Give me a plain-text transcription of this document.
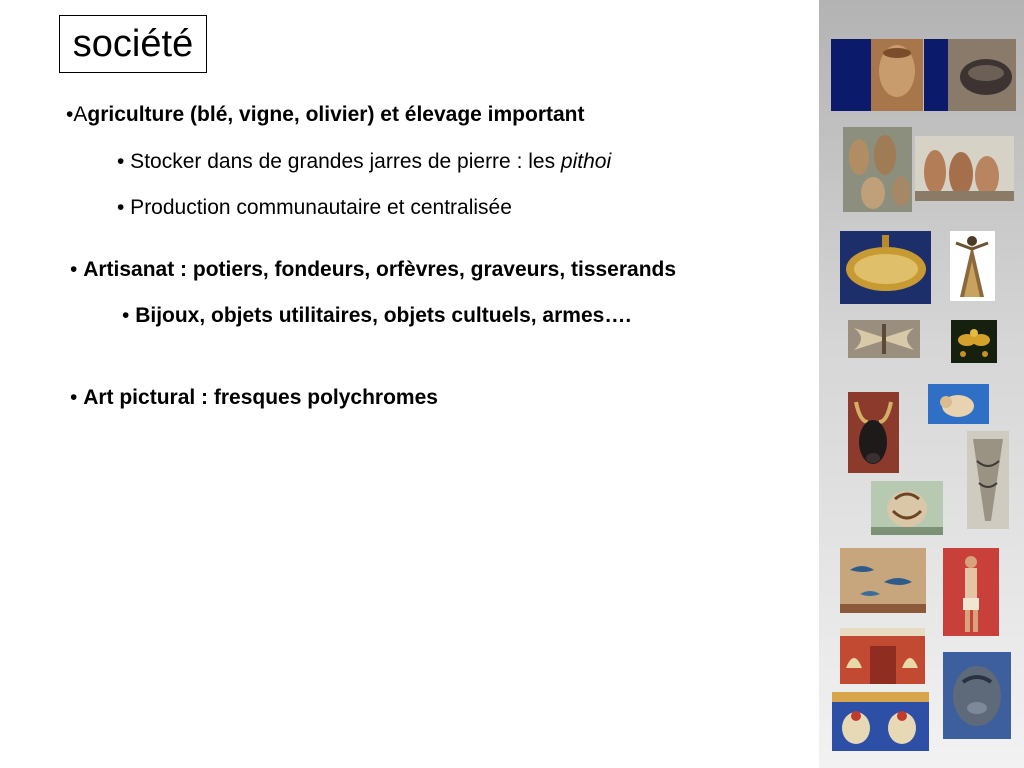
société
•Agriculture (blé, vigne, olivier) et élevage important
• Stocker dans de grandes jarres de pierre : les pithoi
• Production communautaire et centralisée
• Artisanat : potiers, fondeurs, orfèvres, graveurs, tisserands
• Bijoux, objets utilitaires, objets cultuels, armes….
• Art pictural : fresques polychromes
